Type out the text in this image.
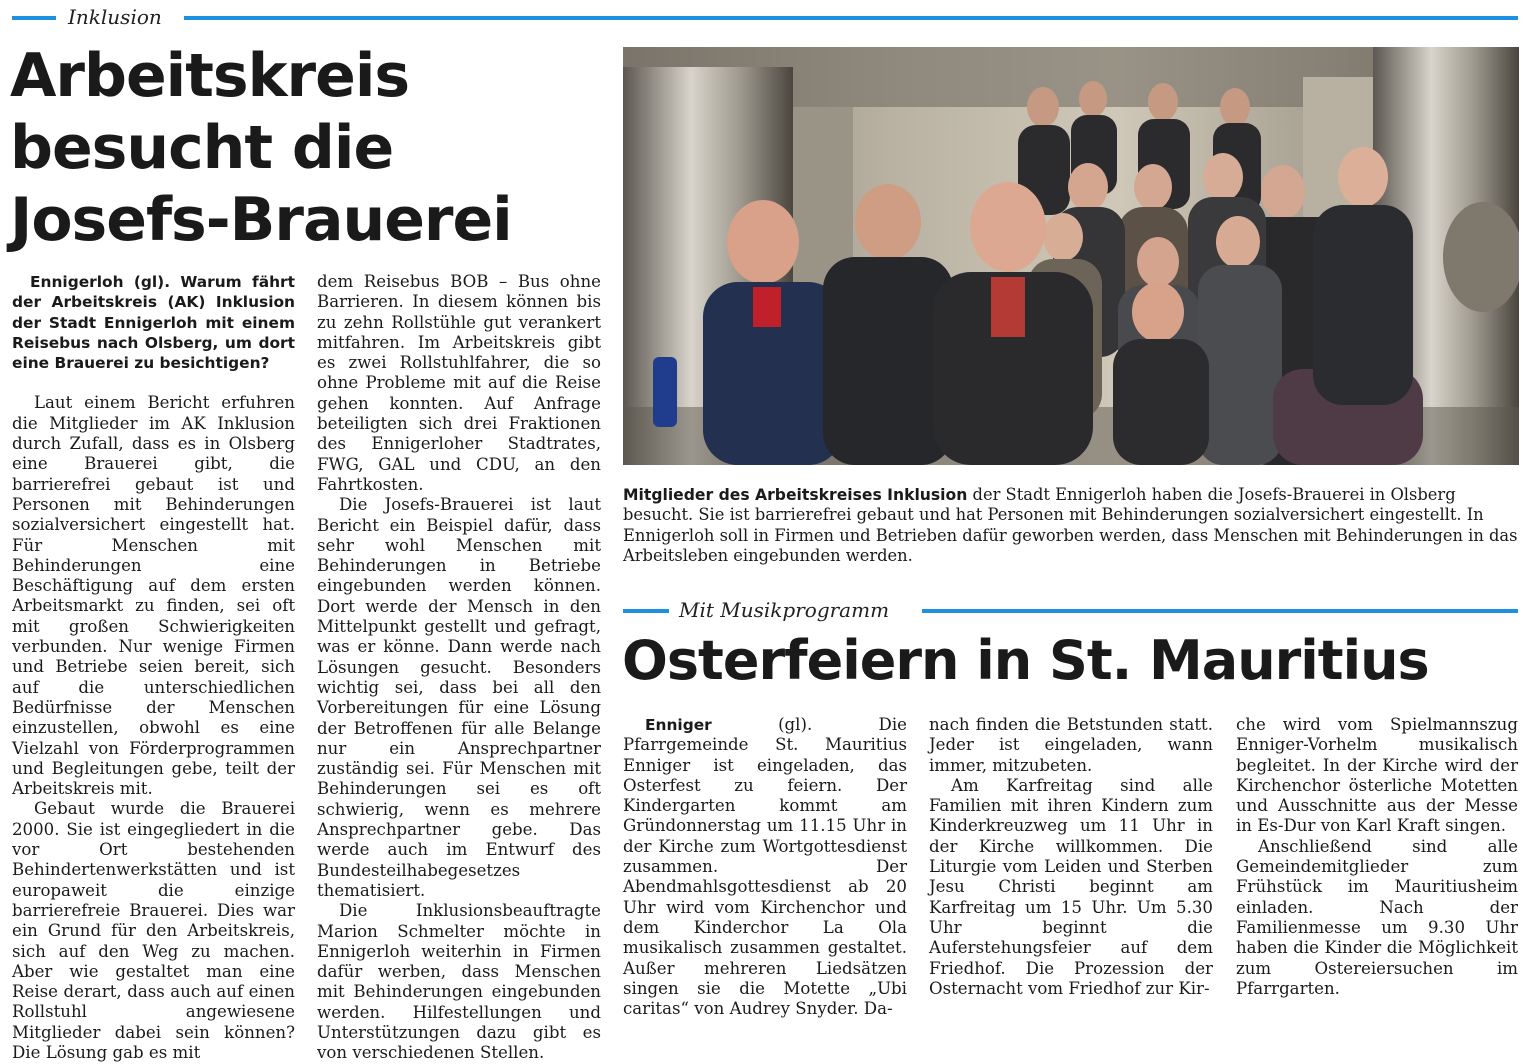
Inklusion
Arbeitskreis
besucht die
Josefs-Brauerei

Ennigerloh (gl). Warum fährt der Arbeitskreis (AK) Inklusion der Stadt Ennigerloh mit einem Reisebus nach Olsberg, um dort eine Brauerei zu besichtigen?

Laut einem Bericht erfuhren die Mitglieder im AK Inklusion durch Zufall, dass es in Olsberg eine Brauerei gibt, die barrierefrei gebaut ist und Personen mit Behinderungen sozialversichert eingestellt hat. Für Menschen mit Behinderungen eine Beschäftigung auf dem ersten Arbeitsmarkt zu finden, sei oft mit großen Schwierigkeiten verbunden. Nur wenige Firmen und Betriebe seien bereit, sich auf die unterschiedlichen Bedürfnisse der Menschen einzustellen, obwohl es eine Vielzahl von Förderprogrammen und Begleitungen gebe, teilt der Arbeitskreis mit.

Gebaut wurde die Brauerei 2000. Sie ist eingegliedert in die vor Ort bestehenden Behindertenwerkstätten und ist europaweit die einzige barrierefreie Brauerei. Dies war ein Grund für den Arbeitskreis, sich auf den Weg zu machen. Aber wie gestaltet man eine Reise derart, dass auch auf einen Rollstuhl angewiesene Mitglieder dabei sein können? Die Lösung gab es mit

dem Reisebus BOB – Bus ohne Barrieren. In diesem können bis zu zehn Rollstühle gut verankert mitfahren. Im Arbeitskreis gibt es zwei Rollstuhlfahrer, die so ohne Probleme mit auf die Reise gehen konnten. Auf Anfrage beteiligten sich drei Fraktionen des Ennigerloher Stadtrates, FWG, GAL und CDU, an den Fahrtkosten.

Die Josefs-Brauerei ist laut Bericht ein Beispiel dafür, dass sehr wohl Menschen mit Behinderungen in Betriebe eingebunden werden können. Dort werde der Mensch in den Mittelpunkt gestellt und gefragt, was er könne. Dann werde nach Lösungen gesucht. Besonders wichtig sei, dass bei all den Vorbereitungen für eine Lösung der Betroffenen für alle Belange nur ein Ansprechpartner zuständig sei. Für Menschen mit Behinderungen sei es oft schwierig, wenn es mehrere Ansprechpartner gebe. Das werde auch im Entwurf des Bundesteilhabegesetzes thematisiert.

Die Inklusionsbeauftragte Marion Schmelter möchte in Ennigerloh weiterhin in Firmen dafür werben, dass Menschen mit Behinderungen eingebunden werden. Hilfestellungen und Unterstützungen dazu gibt es von verschiedenen Stellen.

Mitglieder des Arbeitskreises Inklusion der Stadt Ennigerloh haben die Josefs-Brauerei in Olsberg besucht. Sie ist barrierefrei gebaut und hat Personen mit Behinderungen sozialversichert eingestellt. In Ennigerloh soll in Firmen und Betrieben dafür geworben werden, dass Menschen mit Behinderungen in das Arbeitsleben eingebunden werden.
Mit Musikprogramm
Osterfeiern in St. Mauritius

Enniger (gl). Die Pfarrgemeinde St. Mauritius Enniger ist eingeladen, das Osterfest zu feiern. Der Kindergarten kommt am Gründonnerstag um 11.15 Uhr in der Kirche zum Wortgottesdienst zusammen. Der Abendmahlsgottesdienst ab 20 Uhr wird vom Kirchenchor und dem Kinderchor La Ola musikalisch zusammen gestaltet. Außer mehreren Liedsätzen singen sie die Motette „Ubi caritas“ von Audrey Snyder. Da-

nach finden die Betstunden statt. Jeder ist eingeladen, wann immer, mitzubeten.

Am Karfreitag sind alle Familien mit ihren Kindern zum Kinderkreuzweg um 11 Uhr in der Kirche willkommen. Die Liturgie vom Leiden und Sterben Jesu Christi beginnt am Karfreitag um 15 Uhr. Um 5.30 Uhr beginnt die Auferstehungsfeier auf dem Friedhof. Die Prozession der Osternacht vom Friedhof zur Kir-

che wird vom Spielmannszug Enniger-Vorhelm musikalisch begleitet. In der Kirche wird der Kirchenchor österliche Motetten und Ausschnitte aus der Messe in Es-Dur von Karl Kraft singen.

Anschließend sind alle Gemeindemitglieder zum Frühstück im Mauritiusheim einladen. Nach der Familienmesse um 9.30 Uhr haben die Kinder die Möglichkeit zum Ostereiersuchen im Pfarrgarten.
